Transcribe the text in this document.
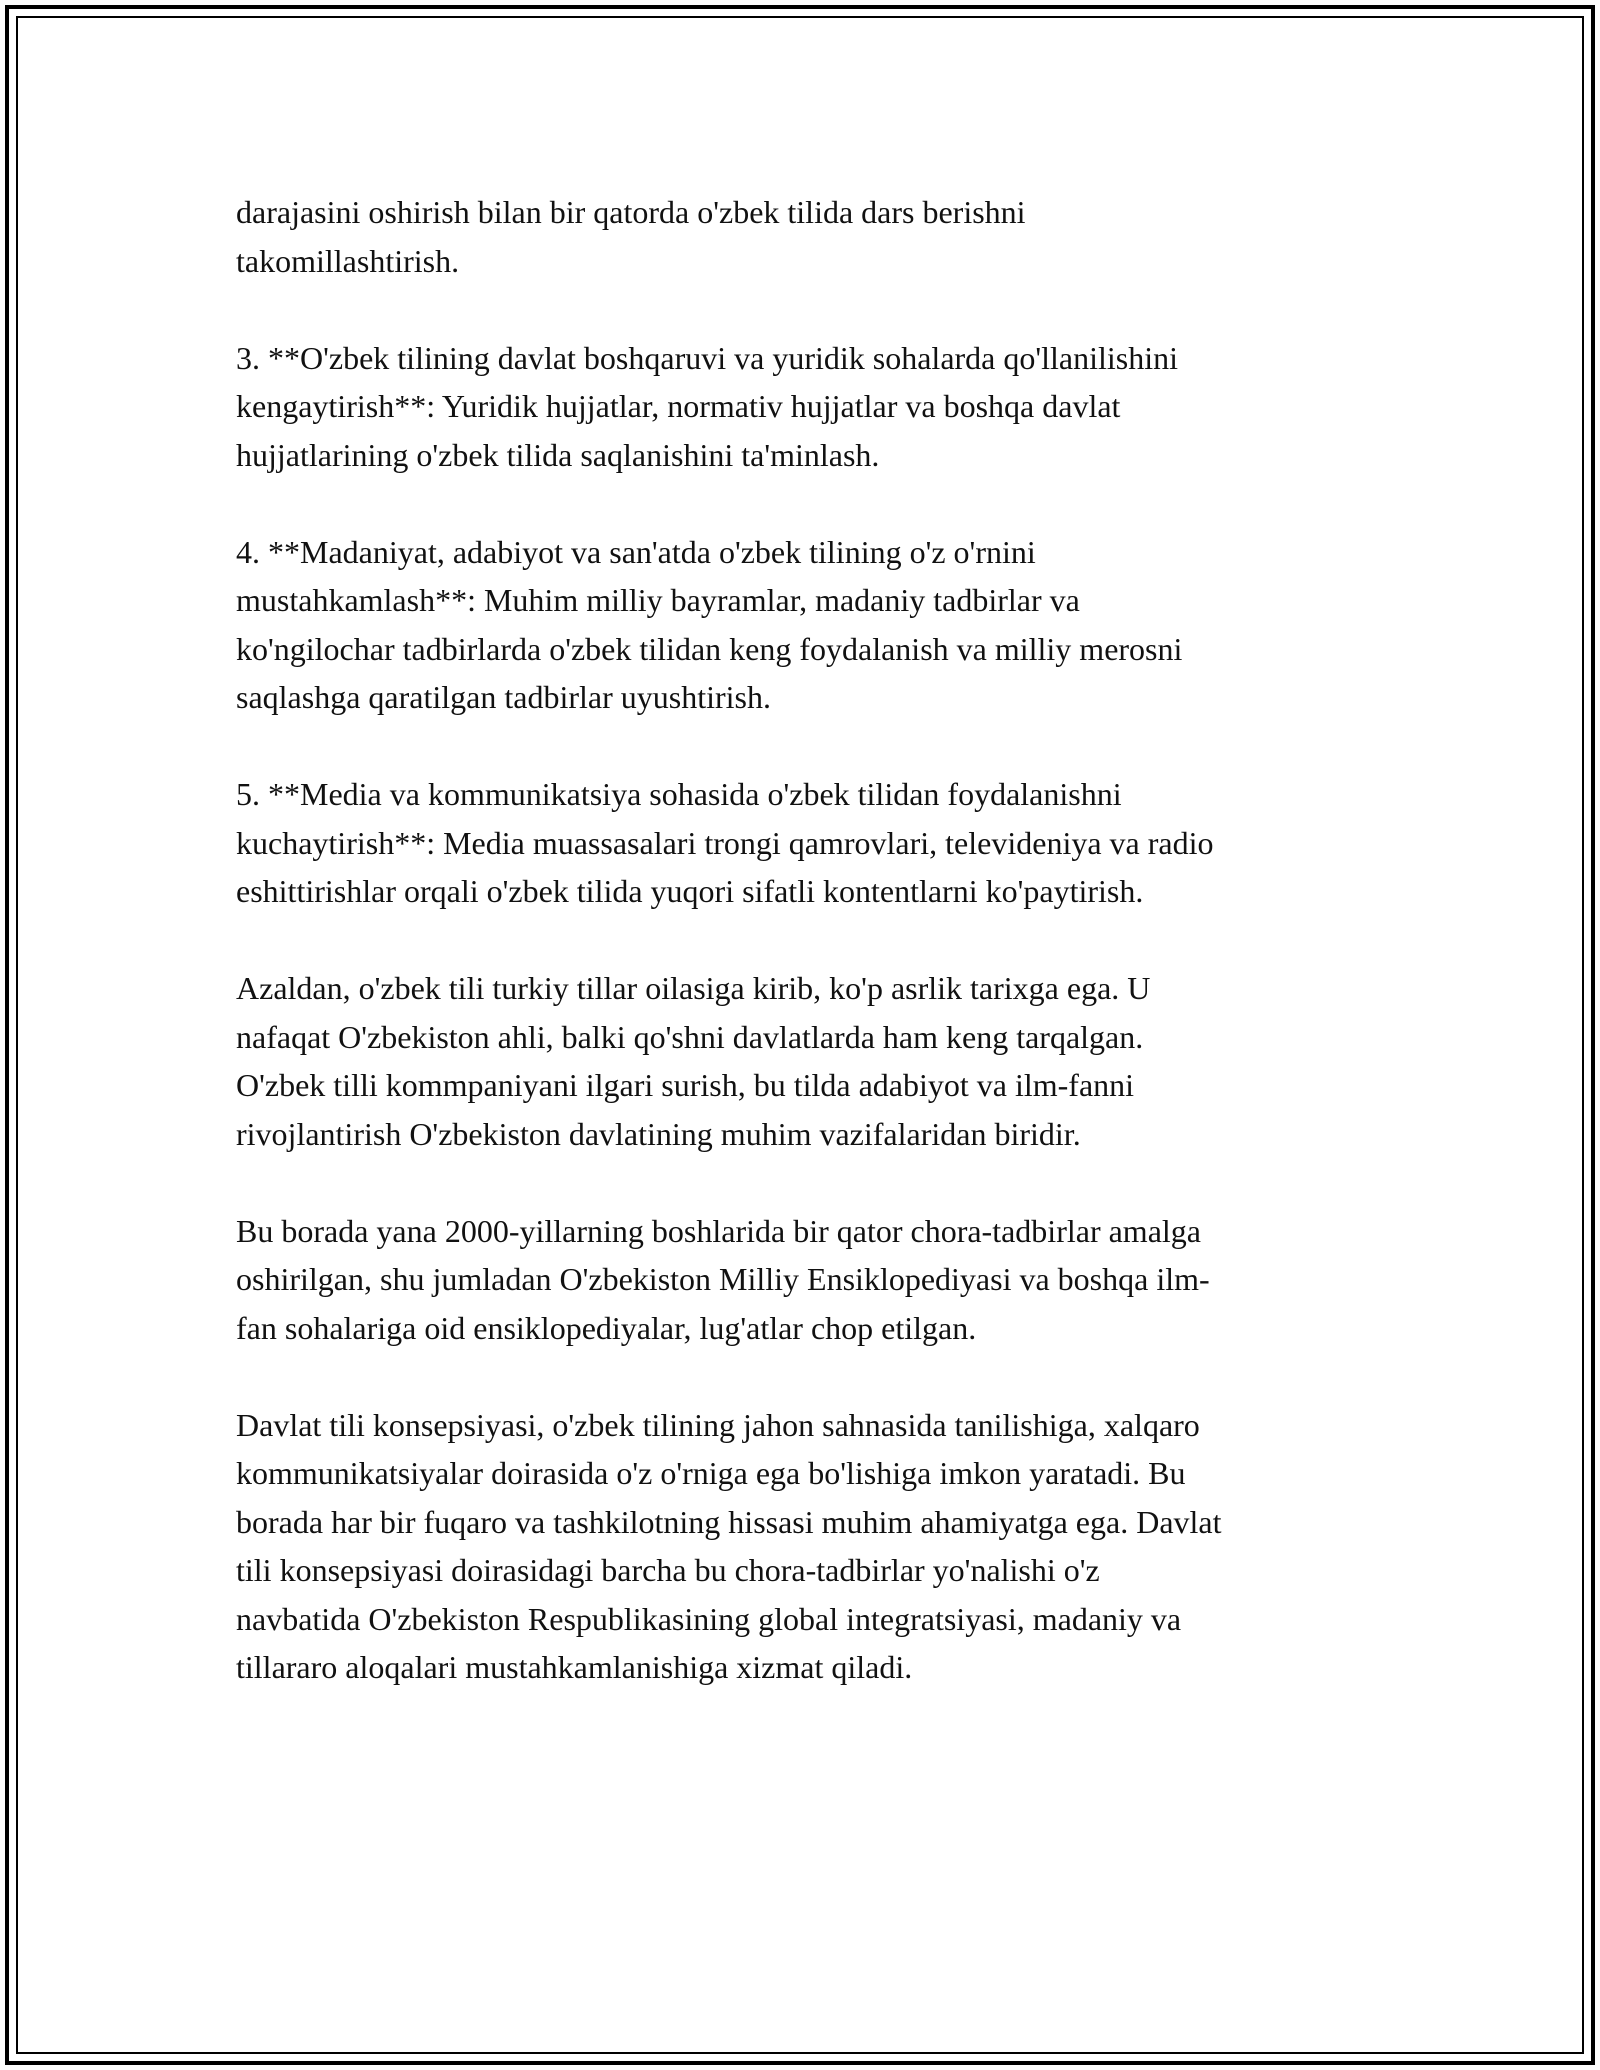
darajasini oshirish bilan bir qatorda o'zbek tilida dars berishni
takomillashtirish.

3. **O'zbek tilining davlat boshqaruvi va yuridik sohalarda qo'llanilishini
kengaytirish**: Yuridik hujjatlar, normativ hujjatlar va boshqa davlat
hujjatlarining o'zbek tilida saqlanishini ta'minlash.

4. **Madaniyat, adabiyot va san'atda o'zbek tilining o'z o'rnini
mustahkamlash**: Muhim milliy bayramlar, madaniy tadbirlar va
ko'ngilochar tadbirlarda o'zbek tilidan keng foydalanish va milliy merosni
saqlashga qaratilgan tadbirlar uyushtirish.

5. **Media va kommunikatsiya sohasida o'zbek tilidan foydalanishni
kuchaytirish**: Media muassasalari trongi qamrovlari, televideniya va radio
eshittirishlar orqali o'zbek tilida yuqori sifatli kontentlarni ko'paytirish.

Azaldan, o'zbek tili turkiy tillar oilasiga kirib, ko'p asrlik tarixga ega. U
nafaqat O'zbekiston ahli, balki qo'shni davlatlarda ham keng tarqalgan.
O'zbek tilli kommpaniyani ilgari surish, bu tilda adabiyot va ilm-fanni
rivojlantirish O'zbekiston davlatining muhim vazifalaridan biridir.

Bu borada yana 2000-yillarning boshlarida bir qator chora-tadbirlar amalga
oshirilgan, shu jumladan O'zbekiston Milliy Ensiklopediyasi va boshqa ilm-
fan sohalariga oid ensiklopediyalar, lug'atlar chop etilgan.

Davlat tili konsepsiyasi, o'zbek tilining jahon sahnasida tanilishiga, xalqaro
kommunikatsiyalar doirasida o'z o'rniga ega bo'lishiga imkon yaratadi. Bu
borada har bir fuqaro va tashkilotning hissasi muhim ahamiyatga ega. Davlat
tili konsepsiyasi doirasidagi barcha bu chora-tadbirlar yo'nalishi o'z
navbatida O'zbekiston Respublikasining global integratsiyasi, madaniy va
tillararo aloqalari mustahkamlanishiga xizmat qiladi.
